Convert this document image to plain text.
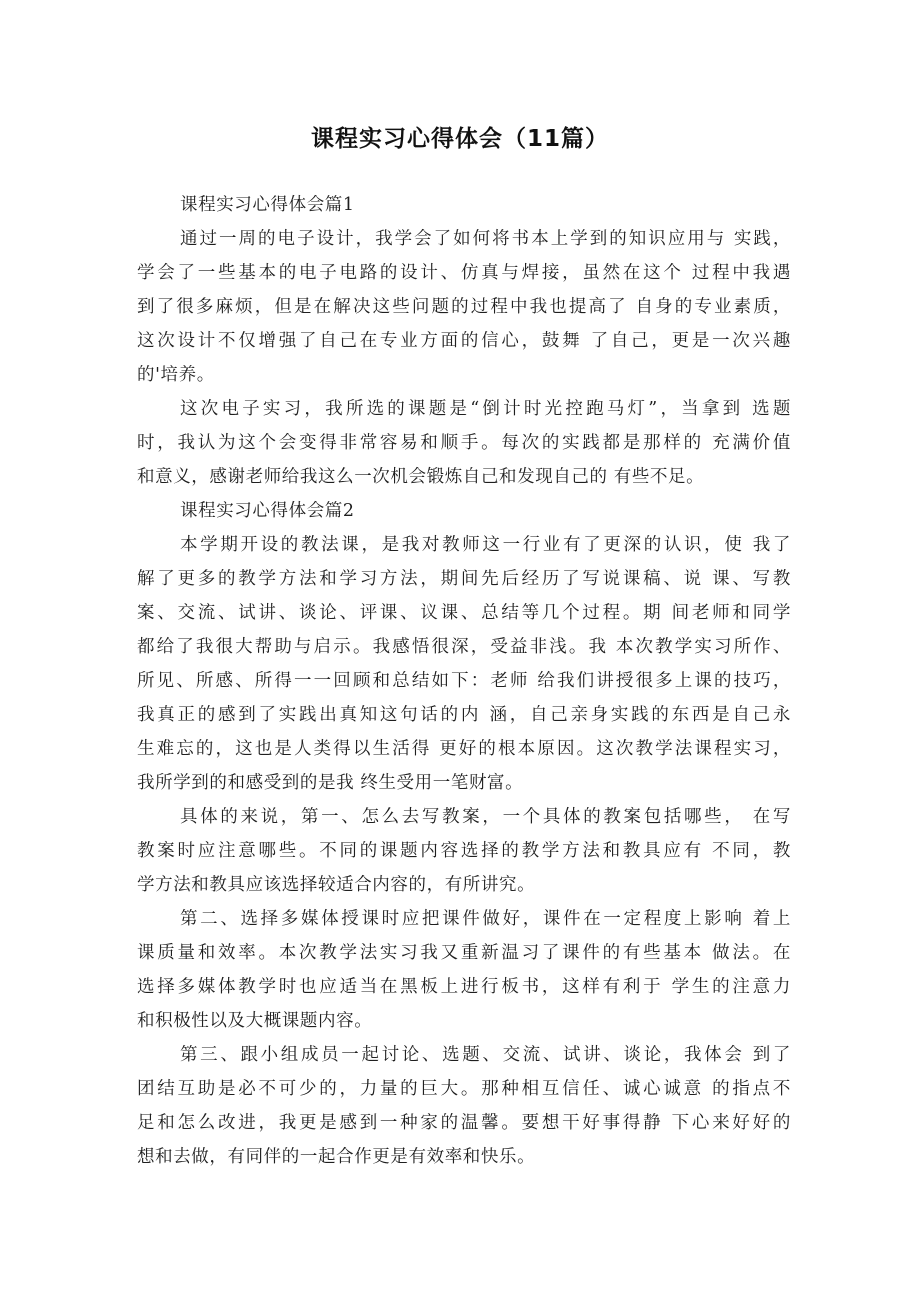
课程实习心得体会（11篇）
课程实习心得体会篇1
通过一周的电子设计，我学会了如何将书本上学到的知识应用与 实践，
学会了一些基本的电子电路的设计、仿真与焊接，虽然在这个 过程中我遇
到了很多麻烦，但是在解决这些问题的过程中我也提高了 自身的专业素质，
这次设计不仅增强了自己在专业方面的信心，鼓舞 了自己，更是一次兴趣
的'培养。
这次电子实习，我所选的课题是“倒计时光控跑马灯”，当拿到 选题
时，我认为这个会变得非常容易和顺手。每次的实践都是那样的 充满价值
和意义，感谢老师给我这么一次机会锻炼自己和发现自己的 有些不足。
课程实习心得体会篇2
本学期开设的教法课，是我对教师这一行业有了更深的认识，使 我了
解了更多的教学方法和学习方法，期间先后经历了写说课稿、说 课、写教
案、交流、试讲、谈论、评课、议课、总结等几个过程。期 间老师和同学
都给了我很大帮助与启示。我感悟很深，受益非浅。我 本次教学实习所作、
所见、所感、所得一一回顾和总结如下：老师 给我们讲授很多上课的技巧，
我真正的感到了实践出真知这句话的内 涵，自己亲身实践的东西是自己永
生难忘的，这也是人类得以生活得 更好的根本原因。这次教学法课程实习，
我所学到的和感受到的是我 终生受用一笔财富。
具体的来说，第一、怎么去写教案，一个具体的教案包括哪些， 在写
教案时应注意哪些。不同的课题内容选择的教学方法和教具应有 不同，教
学方法和教具应该选择较适合内容的，有所讲究。
第二、选择多媒体授课时应把课件做好，课件在一定程度上影响 着上
课质量和效率。本次教学法实习我又重新温习了课件的有些基本 做法。在
选择多媒体教学时也应适当在黑板上进行板书，这样有利于 学生的注意力
和积极性以及大概课题内容。
第三、跟小组成员一起讨论、选题、交流、试讲、谈论，我体会 到了
团结互助是必不可少的，力量的巨大。那种相互信任、诚心诚意 的指点不
足和怎么改进，我更是感到一种家的温馨。要想干好事得静 下心来好好的
想和去做，有同伴的一起合作更是有效率和快乐。
